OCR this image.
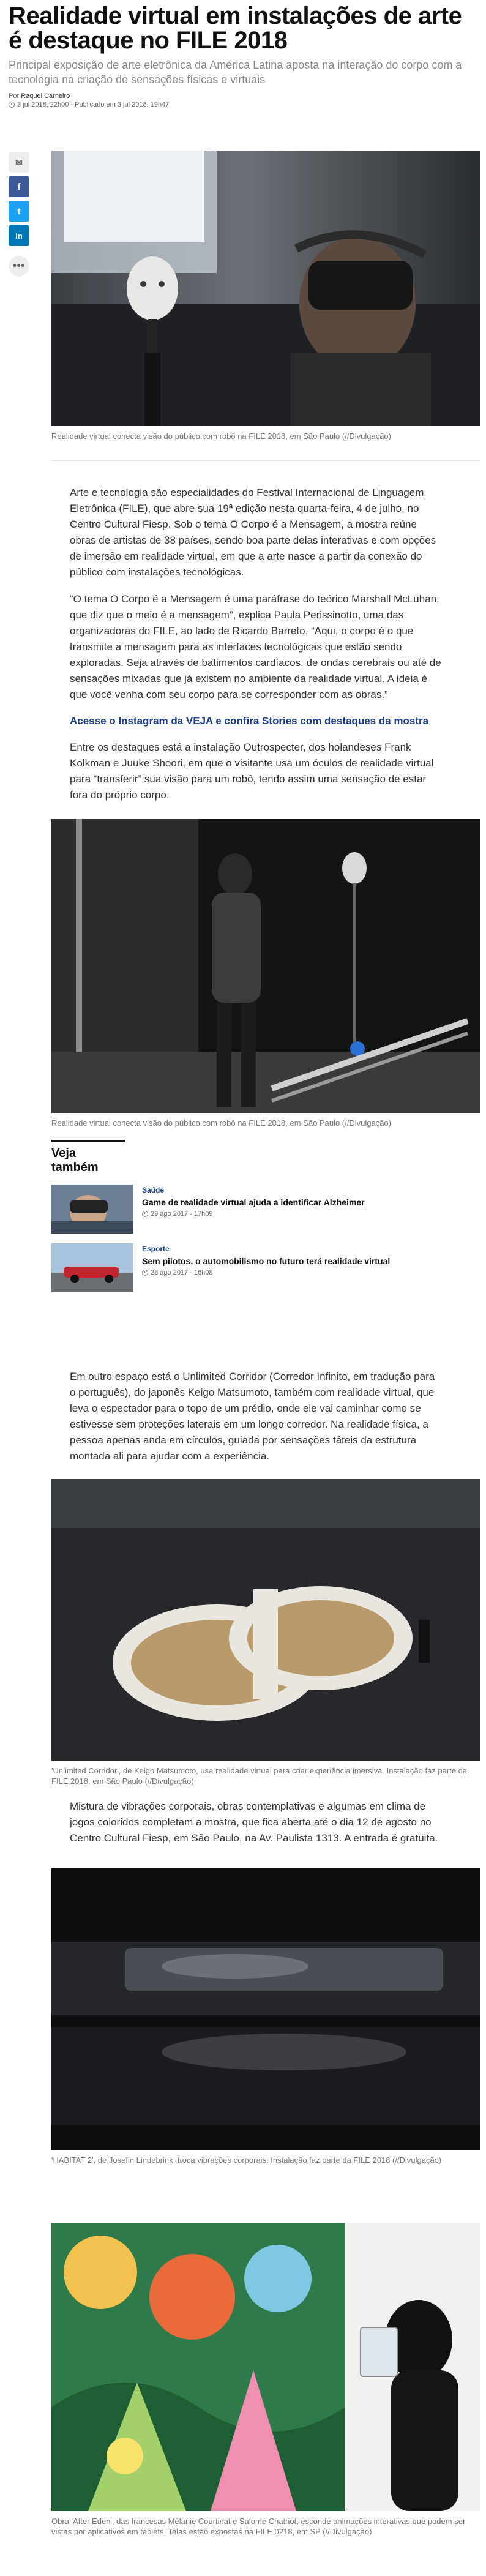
Realidade virtual em instalações de arte é destaque no FILE 2018
Principal exposição de arte eletrônica da América Latina aposta na interação do corpo com a tecnologia na criação de sensações físicas e virtuais
Por Raquel Carneiro
3 jul 2018, 22h00 - Publicado em 3 jul 2018, 19h47
✉
f
t
in
•••
Realidade virtual conecta visão do público com robô na FILE 2018, em São Paulo (//Divulgação)

Arte e tecnologia são especialidades do Festival Internacional de Linguagem Eletrônica (FILE), que abre sua 19ª edição nesta quarta-feira, 4 de julho, no Centro Cultural Fiesp. Sob o tema O Corpo é a Mensagem, a mostra reúne obras de artistas de 38 países, sendo boa parte delas interativas e com opções de imersão em realidade virtual, em que a arte nasce a partir da conexão do público com instalações tecnológicas.

“O tema O Corpo é a Mensagem é uma paráfrase do teórico Marshall McLuhan, que diz que o meio é a mensagem”, explica Paula Perissinotto, uma das organizadoras do FILE, ao lado de Ricardo Barreto. “Aqui, o corpo é o que transmite a mensagem para as interfaces tecnológicas que estão sendo exploradas. Seja através de batimentos cardíacos, de ondas cerebrais ou até de sensações mixadas que já existem no ambiente da realidade virtual. A ideia é que você venha com seu corpo para se corresponder com as obras.”

Acesse o Instagram da VEJA e confira Stories com destaques da mostra

Entre os destaques está a instalação Outrospecter, dos holandeses Frank Kolkman e Juuke Shoori, em que o visitante usa um óculos de realidade virtual para “transferir” sua visão para um robô, tendo assim uma sensação de estar fora do próprio corpo.

Realidade virtual conecta visão do público com robô na FILE 2018, em São Paulo (//Divulgação)
Veja também
Saúde
Game de realidade virtual ajuda a identificar Alzheimer
29 ago 2017 - 17h09
Esporte
Sem pilotos, o automobilismo no futuro terá realidade virtual
28 ago 2017 - 16h08

Em outro espaço está o Unlimited Corridor (Corredor Infinito, em tradução para o português), do japonês Keigo Matsumoto, também com realidade virtual, que leva o espectador para o topo de um prédio, onde ele vai caminhar como se estivesse sem proteções laterais em um longo corredor. Na realidade física, a pessoa apenas anda em círculos, guiada por sensações táteis da estrutura montada ali para ajudar com a experiência.

'Unlimited Corridor', de Keigo Matsumoto, usa realidade virtual para criar experiência imersiva. Instalação faz parte da FILE 2018, em São Paulo (//Divulgação)

Mistura de vibrações corporais, obras contemplativas e algumas em clima de jogos coloridos completam a mostra, que fica aberta até o dia 12 de agosto no Centro Cultural Fiesp, em São Paulo, na Av. Paulista 1313. A entrada é gratuita.

'HABITAT 2', de Josefin Lindebrink, troca vibrações corporais. Instalação faz parte da FILE 2018 (//Divulgação)
Obra 'After Eden', das francesas Mélanie Courtinat e Salomé Chatriot, esconde animações interativas que podem ser vistas por aplicativos em tablets. Telas estão expostas na FILE 0218, em SP (//Divulgação)
